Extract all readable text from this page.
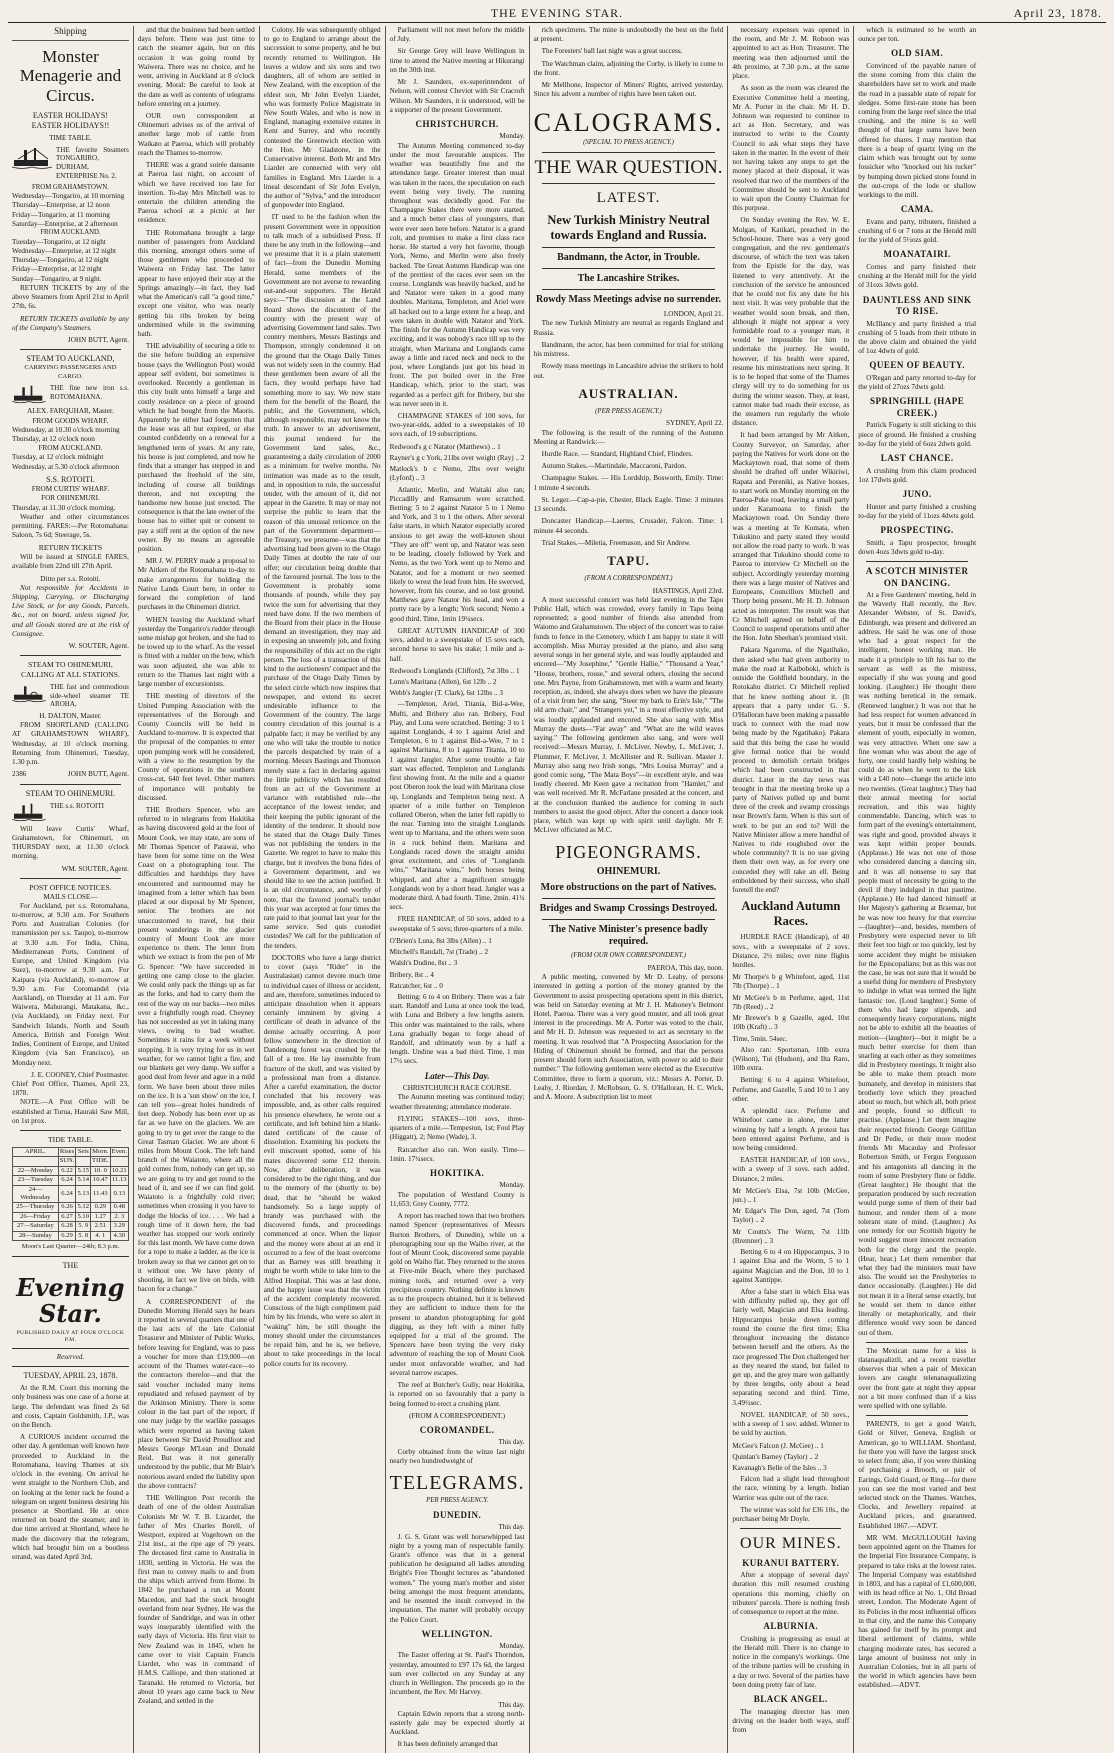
THE EVENING STAR.	April 23, 1878.
Shipping
Monster Menagerie and Circus.
EASTER HOLIDAYS!
EASTER HOLIDAYS!!
TIME TABLE.
THE favorite Steamers TONGARIRO, DURHAM, ENTERPRISE No. 2.
FROM GRAHAMSTOWN.
Wednesday—Tongariro, at 10 morning
Thursday—Enterprise, at 12 noon
Friday—Tongariro, at 11 morning
Saturday—Enterprise, at 2 afternoon
FROM AUCKLAND.
Tuesday—Tongariro, at 12 night
Wednesday—Enterprise, at 12 night
Thursday—Tongariro, at 12 night
Friday—Enterprise, at 12 night
Sunday—Tongariro, at 9 night.

RETURN TICKETS by any of the above Steamers from April 21st to April 27th, 6s.

RETURN TICKETS available by any of the Company's Steamers.

JOHN BUTT, Agent.
STEAM TO AUCKLAND,
CARRYING PASSENGERS AND CARGO.
THE fine new iron s.s. ROTOMAHANA.
ALEX. FARQUHAR, Master.
FROM GOODS WHARF.
Wednesday, at 10.30 o'clock morning
Thursday, at 12 o'clock noon
FROM AUCKLAND.
Tuesday, at 12 o'clock midnight
Wednesday, at 5.30 o'clock afternoon
S.S. ROTOITI.
FROM CURTIS' WHARF.
FOR OHINEMURI.
Thursday, at 11.30 o'clock morning.

Weather and other circumstances permitting. FARES:—Per Rotomahana: Saloon, 7s 6d; Steerage, 5s.

RETURN TICKETS

Will be issued at SINGLE FARES, available from 22nd till 27th April.

Ditto per s.s. Rotoiti.

Not responsible for Accidents in Shipping, Carrying, or Discharging Live Stock, or for any Goods, Parcels, &c., not on board, unless signed for, and all Goods stored are at the risk of Consignee.

W. SOUTER, Agent.
STEAM TO OHINEMURI, CALLING AT ALL STATIONS.
THE fast and commodious side-wheel steamer TE AROHA,
H. DALTON, Master.

FROM SHORTLAND (CALLING AT GRAHAMSTOWN WHARF), Wednesday, at 10 o'clock morning. Returning from Ohinemuri, Tuesday, 1.30 p.m.

2386	JOHN BUTT, Agent.
STEAM TO OHINEMURI.
THE s.s. ROTOITI

Will leave Curtis' Wharf, Grahamstown, for Ohinemuri, on THURSDAY next, at 11.30 o'clock morning.

WM. SOUTER, Agent.
POST OFFICE NOTICES.
MAILS CLOSE—

For Auckland, per s.s. Rotomahana, to-morrow, at 9.30 a.m. For Southern Ports and Australian Colonies (for transmission per s.s. Taupo), to-morrow at 9.30 a.m. For India, China, Mediterranean Ports, Continent of Europe, and United Kingdom (via Suez), to-morrow at 9.30 a.m. For Kaipara (via Auckland), to-morrow at 9.30 a.m. For Coromandel (via Auckland), on Thursday at 11 a.m. For Waiwera, Mahurangi, Matakana, &c., (via Auckland), on Friday next. For Sandwich Islands, North and South America, British and Foreign West Indies, Continent of Europe, and United Kingdom (via San Francisco), on Monday next.

J. E. COONEY, Chief Postmaster.
Chief Post Office, Thames, April 23, 1878.

NOTE.—A Post Office will be established at Turua, Hauraki Saw Mill, on 1st prox.

TIDE TABLE.
APRIL.	Rises	Sets	Morn.	Even.
	SUN.		TIDE.	
22—Monday	6.22	5.15	10. 0	10.21
23—Tuesday	6.24	5.14	10.47	11.13
24—Wednesday	6.24	5.13	11.43	0.13
25—Thursday	6.26	5.12	0.29	0.48
26—Friday	6.27	5.10	1.27	2. 3
27—Saturday	6.28	5. 9	2.51	3.29
28—Sunday	6.29	5. 8	4. 1	4.30
Moon's Last Quarter—24th; 8.3 p.m.
THE
Evening Star.
PUBLISHED DAILY AT FOUR O'CLOCK P.M.
Reserved.
TUESDAY, APRIL 23, 1878.

At the R.M. Court this morning the only business was one case of a horse at large. The defendant was fined 2s 6d and costs, Captain Goldsmith, J.P., was on the Bench.

A CURIOUS incident occurred the other day. A gentleman well known here proceeded to Auckland in the Rotomahana, leaving Thames at six o'clock in the evening. On arrival he went straight to the Northern Club, and on looking at the letter rack he found a telegram on urgent business desiring his presence at Shortland. He at once returned on board the steamer, and in due time arrived at Shortland, where he made the discovery that the telegram, which had brought him on a bootless errand, was dated April 3rd,

and that the business had been settled days before. There was just time to catch the steamer again, but on this occasion it was going round by Waiwera. There was no choice, and he went, arriving in Auckland at 8 o'clock evening. Moral: Be careful to look at the date as well as contents of telegrams before entering on a journey.

OUR own correspondent at Ohinemuri advises us of the arrival of another large mob of cattle from Waikato at Paeroa, which will probably reach the Thames to-morrow.

THERE was a grand soirée dansante at Paeroa last night, on account of which we have received too late for insertion. To-day Mrs Mitchell was to entertain the children attending the Paeroa school at a picnic at her residence.

THE Rotomahana brought a large number of passengers from Auckland this morning, amongst others some of those gentlemen who proceeded to Waiwera on Friday last. The latter appear to have enjoyed their stay at the Springs amazingly—in fact, they had what the American's call "a good time," except one visitor, who was nearly getting his ribs broken by being undermined while in the swimming bath.

THE advisability of securing a title to the site before building an expensive house (says the Wellington Post) would appear self evident, but sometimes is overlooked. Recently a gentleman in this city built unto himself a large and costly residence on a piece of ground which he had bought from the Maoris. Apparently he either had forgotten that the lease was all but expired, or else counted confidently on a renewal for a lengthened term of years. At any rate, his house is just completed, and now he finds that a stranger has stepped in and purchased the freehold of the site, including of course all buildings thereon, and not excepting the handsome new house just erected. The consequence is that the late owner of the house has to either quit or consent to pay a stiff rent at the option of the new owner. By no means an agreeable position.

MR J. W. PERRY made a proposal to Mr Aitken of the Rotomahana to-day to make arrangements for holding the Native Lands Court here, in order to forward the completion of land purchases in the Ohinemuri district.

WHEN leaving the Auckland wharf yesterday the Tongariro's rudder through some mishap got broken, and she had to be towed up to the wharf. As the vessel is fitted with a rudder on the bow, which was soon adjusted, she was able to return to the Thames last night with a large number of excursionists.

THE meeting of directors of the United Pumping Association with the representatives of the Borough and County Councils will be held in Auckland to-morrow. It is expected that the proposal of the companies to enter upon pumping work will be considered, with a view to the resumption by the County of operations in the southern cross-cut, 640 feet level. Other matters of importance will probably be discussed.

THE Brothers Spencer, who are referred to in telegrams from Hokitika as having discovered gold at the foot of Mount Cook, we may state, are sons of Mr Thomas Spencer of Parawai, who have been for some time on the West Coast on a photographing tour. The difficulties and hardships they have encountered and surmounted may be imagined from a letter which has been placed at our disposal by Mr Spencer, senior. The brothers are not unaccustomed to travel, but their present wanderings in the glacier country of Mount Cook are more experience to them. The letter from which we extract is from the pen of Mr G. Spencer: "We have succeeded in getting one camp close to the glacier. We could only pack the things up as far as the forks, and had to carry them the rest of the way on our backs—two miles over a frightfully rough road. Cheyney has not succeeded as yet in taking many views, owing to bad weather. Sometimes it rains for a week without stopping. It is very trying for us in wet weather, for we cannot light a fire, and our blankets get very damp. We suffer a good deal from fever and ague in a mild form. We have been about three miles on the ice. It is a 'sun show' on the ice, I can tell you—great holes hundreds of feet deep. Nobody has been ever up as far as we have on the glaciers. We are going to try to get over the range to the Great Tasman Glacier. We are about 6 miles from Mount Cook. The left hand branch of the Waiatoto, where all the gold comes from, nobody can get up, so we are going to try and get round to the head of it, and see if we can find gold. Waiatoto is a frightfully cold river; sometimes when crossing it you have to dodge the blocks of ice. . . . We had a rough time of it down here, the bad weather has stopped our work entirely for this last month. We have come down for a rope to make a ladder, as the ice is broken away so that we cannot get on to it without one. We have plenty of shooting, in fact we live on birds, with bacon for a change."

A CORRESPONDENT of the Dunedin Morning Herald says he hears it reported in several quarters that one of the last acts of the late Colonial Treasurer and Minister of Public Works, before leaving for England, was to pass a voucher for more than £19,000—on account of the Thames water-race—to the contractors therefor—and that the said voucher included many items repudiated and refused payment of by the Atkinson Ministry. There is some colour in the last part of the report, if one may judge by the warlike passages which were reported as having taken place between Sir David Proudfoot and Messrs George M'Lean and Donald Reid. But was it not generally understood by the public, that Mr Blair's notorious award ended the liability upon the above contracts?

THE Wellington Post records the death of one of the oldest Australian Colonists Mr W. T. B. Lizardet, the father of Mrs Charles Borell, of Westport, expired at Vogeltown on the 21st inst., at the ripe age of 79 years. The deceased first came to Australia in 1830, settling in Victoria. He was the first man to convey mails to and from the ships which arrived from Home. In 1842 he purchased a run at Mount Macedon, and had the stock brought overland from near Sydney. He was the founder of Sandridge, and was in other ways inseparably identified with the early days of Victoria. His first visit to New Zealand was in 1845, when he came over to visit Captain Francis Liardet, who was in command of H.M.S. Calliope, and then stationed at Taranaki. He returned to Victoria, but about 10 years ago came back to New Zealand, and settled in the

Colony. He was subsequently obliged to go to England to arrange about the succession to some property, and he but recently returned to Wellington. He leaves a widow and six sons and two daughters, all of whom are settled in New Zealand, with the exception of the eldest son, Mr John Evelyn Liardet, who was formerly Police Magistrate in New South Wales, and who is now in England, managing extensive estates in Kent and Surrey, and who recently contested the Greenwich election with the Hon. Mr Gladstone, in the Conservative interest. Both Mr and Mrs Liardet are connected with very old families in England. Mrs Liardet is a lineal descendant of Sir John Evelyn, the author of "Sylva," and the introducer of gunpowder into England.

IT used to be the fashion when the present Government were in opposition to talk much of a subsidised Press. If there be any truth in the following—and we presume that it is a plain statement of fact—from the Dunedin Morning Herald, some members of the Government are not averse to rewarding out-and-out supporters. The Herald says:—"The discussion at the Land Board shows the discontent of the country with the present way of advertising Government land sales. Two country members, Messrs Bastings and Thompson, strongly condemned it on the ground that the Otago Daily Times was not widely seen in the country. Had these gentlemen been aware of all the facts, they would perhaps have had something more to say. We now state them for the benefit of the Board, the public, and the Government, which, although responsible, may not know the truth. In answer to an advertisement, this journal tendered for the Government land sales, &c., guaranteeing a daily circulation of 2000 as a minimum for twelve months. No intimation was made as to the result, and, in opposition to rule, the successful tender, with the amount of it, did not appear in the Gazette. It may or may not surprise the public to learn that the reason of this unusual reticence on the part of the Government department—the Treasury, we presume—was that the advertising had been given to the Otago Daily Times at double the rate of our offer; our circulation being double that of the favoured journal. The loss to the Government is probably some thousands of pounds, while they pay twice the sum for advertising that they need have done. If the two members of the Board from their place in the House demand an investigation, they may aid in exposing an unseemly job, and fixing the responsibility of this act on the right person. The loss of a transaction of this kind to the auctioneers' compact and the purchase of the Otago Daily Times by the select circle which now inspires that newspaper, and extend its secret undesirable influence to the Government of the country. The large country circulation of this journal is a palpable fact; it may be verified by any one who will take the trouble to notice the parcels despatched by train of a morning. Messrs Bastings and Thomson merely state a fact in declaring against the little publicity which has resulted from an act of the Government at variance with established rule—the acceptance of the lowest tender, and their keeping the public ignorant of the identity of the tenderer. It should now be stated that the Otago Daily Times was not publishing the tenders in the Gazette. We regret to have to make this charge, but it involves the bona fides of a Government department, and we should like to see the action justified. It is an old circumstance, and worthy of note, that the favored journal's tender this year was accepted at four times the rate paid to that journal last year for the same service. Sed quis custodiet custodes? We call for the publication of the tenders.

DOCTORS who have a large district to cover (says "Rider" in the Australasian) cannot devote much time to individual cases of illness or accident, and are, therefore, sometimes induced to anticipate dissolution when it appears certainly imminent by giving a certificate of death in advance of the demise actually occurring. A poor fellow somewhere in the direction of Dandenong forest was crushed by the fall of a tree. He lay insensible from fracture of the skull, and was visited by a professional man from a distance. After a careful examination, the doctor concluded that his recovery was impossible, and, as other calls required his presence elsewhere, he wrote out a certificate, and left behind him a blank-dated certificate of the cause of dissolution. Examining his pockets the evil miscreant spotted, some of his mates discovered some £12 therein. Now, after deliberation, it was considered to be the right thing, and due to the memory of the (shortly to be) dead, that he "should be waked handsomely. So a large supply of brandy was purchased with the discovered funds, and proceedings commenced at once. When the liquor and the money were about at an end it occurred to a few of the least overcome that as Barney was still breathing it might be worth while to take him to the Alfred Hospital. This was at last done, and the happy issue was that the victim of the accident completely recovered. Conscious of the high compliment paid him by his friends, who were so alert in "waking" him, he still thought the money should under the circumstances be repaid him, and he is, we believe, about to take proceedings in the local police courts for its recovery.

Parliament will not meet before the middle of July.

Sir George Grey will leave Wellington in time to attend the Native meeting at Hikurangi on the 30th inst.

Mr J. Saunders, ex-superintendent of Nelson, will contest Cheviot with Sir Cracroft Wilson. Mr Saunders, it is understood, will be a supporter of the present Government.

CHRISTCHURCH.
Monday.

The Autumn Meeting commenced to-day under the most favourable auspices. The weather was beautifully fine and the attendance large. Greater interest than usual was taken in the races, the speculation on each event being very lively. The running throughout was decidedly good. For the Champagne Stakes there were more started, and a much better class of youngsters, than were ever seen here before. Natator is a grand colt, and promises to make a first class race horse. He started a very hot favorite, though York, Nemo, and Merlin were also freely backed. The Great Autumn Handicap was one of the prettiest of the races ever seen on the course. Longlands was heavily backed, and he and Natator were taken in a good many doubles. Maritana, Templeton, and Ariel were all backed out to a large extent for a heap, and were taken in double with Natator and York. The finish for the Autumn Handicap was very exciting, and it was nobody's race till up to the straight, when Maritana and Longlands came away a little and raced neck and neck to the post, where Longlands just got his head in front. The pot boiled over in the Free Handicap, which, prior to the start, was regarded as a perfect gift for Bribery, but she was never seen in it.

CHAMPAGNE STAKES of 100 sovs, for two-year-olds, added to a sweepstakes of 10 sovs each, of 19 subscriptions.

Redwood's g c Natator (Matthews) .. 1
Rayner's g c York, 21lbs over weight (Ray) .. 2
Matlock's b c Nemo, 2lbs over weight (Lyford) .. 3

Atlantic, Merlin, and Waitaki also ran; Piccadilly and Ramsarum were scratched. Betting: 5 to 2 against Natator 5 to 1 Nemo and York, and 3 to 1 the others. After several false starts, in which Natator especially scored anxious to get away the well-known shout "They are off" went up, and Natator was seen to be leading, closely followed by York and Nemo, as the two York went up to Nemo and Natator, and for a moment or two seemed likely to wrest the lead from him. He swerved, however, from his course, and so lost ground. Matthews gave Natator his head, and won a pretty race by a length; York second; Nemo a good third. Time, 1min 19¼secs.

GREAT AUTUMN HANDICAP of 300 sovs, added to a sweepstake of 15 sovs each, second horse to save his stake; 1 mile and a-half.

Redwood's Longlands (Clifford), 7st 3lbs .. 1
Lunn's Maritana (Allen), 6st 12lb .. 2
Webb's Jangler (T. Clark), 6st 12lbs .. 3

—Templeton, Ariel, Titania, Bid-a-Wee, Mufti, and Bribery also ran. Bribery, Foul Play, and Luna were scratched. Betting: 3 to 1 against Longlands, 4 to 1 against Ariel and Templeton, 6 to 1 against Bid-a-Wee, 7 to 1 against Maritana, 8 to 1 against Titania, 10 to 1 against Jangler. After some trouble a fair start was effected, Templeton and Longlands first showing front. At the mile and a quarter post Oberon took the lead with Maritana close up, Longlands and Templeton being next. A quarter of a mile further on Templeton collared Oberon, when the latter fell rapidly to the rear. Turning into the straight Longlands went up to Maritana, and the others were soon in a ruck behind them. Maritana and Longlands raced down the straight amidst great excitement, and cries of "Longlands wins," "Maritana wins," both horses being whipped, and after a magnificent struggle Longlands won by a short head. Jangler was a moderate third. A bad fourth. Time, 2min. 41¼ secs.

FREE HANDICAP, of 50 sovs, added to a sweepstake of 5 sovs; three-quarters of a mile.

O'Brien's Luna, 8st 3lbs (Allen) .. 1
Mitchell's Randall, 7st (Trade) .. 2
Walsh's Dudine, 8st .. 3
Bribery, 8st .. 4
Ratcatcher, 6st .. 0

Betting: 6 to 4 on Bribery. There was a fair start. Randolf and Luna at once took the lead, with Luna and Bribery a few lengths astern. This order was maintained to the rails, where Luna gradually began to forge ahead of Randolf, and ultimately won by a half a length. Undine was a bad third. Time, 1 min 17½ secs.

Later—This Day.
CHRISTCHURCH RACE COURSE.

The Autumn meeting was continued today; weather threatening; attendance moderate.

FLYING STAKES—100 sovs, three-quarters of a mile.—Tempeston, 1st; Foul Play (Higgatt), 2; Nemo (Wade), 3.

Ratcatcher also ran. Won easily. Time—1min. 17¼secs.

HOKITIKA.
Monday.

The population of Westland County is 11,653; Grey County, 7772.

A report has reached town that two brothers named Spencer (representatives of Messrs Burton Brothers, of Dunedin), while on a photographing tour up the Waiho river, at the foot of Mount Cook, discovered some payable gold on Waiho flat. They returned to the stores at Five-mile Beach, where they purchased mining tools, and returned over a very precipitous country. Nothing definite is known as to the prospects obtained, but it is believed they are sufficient to induce them for the present to abandon photographing for gold digging, as they left with a miner fully equipped for a trial of the ground. The Spencers have been trying the very risky adventure of reaching the top of Mount Cook under most unfavorable weather, and had several narrow escapes.

The reef at Butcher's Gully, near Hokitika, is reported on so favourably that a party is being formed to erect a crushing plant.

(FROM A CORRESPONDENT.)
COROMANDEL.
This day.

Corby obtained from the winze last night nearly two hundredweight of

TELEGRAMS.
PER PRESS AGENCY.
DUNEDIN.
This day.

J. G. S. Grant was well horsewhipped last night by a young man of respectable family. Grant's offence was that in a general publication he designated all ladies attending Bright's Free Thought lectures as "abandoned women." The young man's mother and sister being amongst the most frequent attendants, and he resented the insult conveyed in the imputation. The matter will probably occupy the Police Court.

WELLINGTON.
Monday.

The Easter offering at St. Paul's Thorndon, yesterday, amounted to £97 17s 6d, the largest sum ever collected on any Sunday at any church in Wellington. The proceeds go to the incumbent, the Rev. Mr Harvey.

This day.

Captain Edwin reports that a strong north-easterly gale may be expected shortly at Auckland.

It has been definitely arranged that

rich specimens. The mine is undoubtedly the best on the field at present.

The Foresters' ball last night was a great success.

The Watchman claim, adjoining the Corby, is likely to come to the front.

Mr Mellhone, Inspector of Miners' Rights, arrived yesterday. Since his advent a number of rights have been taken out.

CALOGRAMS.
(SPECIAL TO PRESS AGENCY.)
THE WAR QUESTION.
LATEST.
New Turkish Ministry Neutral towards England and Russia.
Bandmann, the Actor, in Trouble.
The Lancashire Strikes.
Rowdy Mass Meetings advise no surrender.
LONDON, April 21.

The new Turkish Ministry are neutral as regards England and Russia.

Bandmann, the actor, has been committed for trial for striking his mistress.

Rowdy mass meetings in Lancashire advise the strikers to hold out.

AUSTRALIAN.
(PER PRESS AGENCY.)
SYDNEY, April 22.

The following is the result of the running of the Autumn Meeting at Randwick:—

Hurdle Race. — Standard, Highland Chief, Flinders.

Autumn Stakes.—Martindale, Maccaroni, Pardon.

Champagne Stakes. — His Lordship, Bosworth, Emily. Time: 1 minute 4 seconds.

St. Leger.—Cap-a-pie, Chester, Black Eagle. Time: 3 minutes 13 seconds.

Doncaster Handicap.—Laertes, Crusader, Falcon. Time: 1 minute 44 seconds.

Trial Stakes.—Miletia, Freemason, and Sir Andrew.

TAPU.
(FROM A CORRESPONDENT.)
HASTINGS, April 23rd.

A most successful concert was held last evening in the Tapu Public Hall, which was crowded, every family in Tapu being represented; a good number of friends also attended from Waiomo and Grahamstown. The object of the concert was to raise funds to fence in the Cemetery, which I am happy to state it will accomplish. Miss Murray presided at the piano, and also sang several songs in her general style, and was loudly applauded and encored—"My Josephine," "Gentle Hallie," "Thousand a Year," "House, brothers, rouse," and several others, closing the second one. Mrs Payne, from Grahamstown, met with a warm and hearty reception, as, indeed, she always does when we have the pleasure of a visit from her; she sang, "Steer my bark to Erin's Isle," "The old arm chair," and "Strangers yet," in a most effective style, and was loudly applauded and encored. She also sang with Miss Murray the duets—"Far away" and "What are the wild waves saying." The following gentlemen also sang, and were well received:—Messrs Murray, J. McLiver, Newby, L. McLiver, J. Plummer, F. McLiver, J. McAllister and R. Sullivan. Master J. Murray also sang two Irish songs, "Mrs Louisa Murray" and a good comic song, "The Mata Boys"—in excellent style, and was loudly cheered. Mr Keen gave a recitation from "Hamlet," and was well received. Mr R. McFarlane presided at the concert, and at the conclusion thanked the audience for coming in such numbers to assist the good object. After the concert a dance took place, which was kept up with spirit until daylight. Mr F. McLiver officiated as M.C.

PIGEONGRAMS.
OHINEMURI.
More obstructions on the part of Natives.
Bridges and Swamp Crossings Destroyed.
The Native Minister's presence badly required.
(FROM OUR OWN CORRESPONDENT.)
PAEROA, This day, noon.

A public meeting, convened by Mr D. Leahy, of persons interested in getting a portion of the money granted by the Government to assist prospecting operations spent in this district, was held on Saturday evening at Mr J. H. Mahoney's Belmont Hotel, Paeroa. There was a very good muster, and all took great interest in the proceedings. Mr A. Porter was voted to the chair, and Mr H. D. Johnson was requested to act as secretary to the meeting. It was resolved that "A Prospecting Association for the Hiding of Ohinemuri should be formed, and that the persons present should form such Association, with power to add to their number." The following gentlemen were elected as the Executive Committee, three to form a quorum, viz.: Messrs A. Porter, D. Leahy, J. Riordan, J. McRobson, G. S. O'Halloran, H. C. Wick, and A. Moore. A subscription list to meet

necessary expenses was opened in the room, and Mr J. M. Robson was appointed to act as Hon. Treasurer. The meeting was then adjourned until the 4th proximo, at 7.30 p.m., at the same place.

As soon as the room was cleared the Executive Committee held a meeting, Mr A. Porter in the chair. Mr H. D. Johnson was requested to continue to act as Hon. Secretary, and was instructed to write to the County Council to ask what steps they have taken in the matter. In the event of their not having taken any steps to get the money placed at their disposal, it was resolved that two of the members of the Committee should be sent to Auckland to wait upon the County Chairman for this purpose.

On Sunday evening the Rev. W. E. Mulgan, of Katikati, preached in the School-house. There was a very good congregation, and the rev. gentleman's discourse, of which the text was taken from the Epistle for the day, was listened to very attentively. At the conclusion of the service he announced that he could not fix any date for his next visit. It was very probable that the weather would soon break, and then, although it might not appear a very formidable road to a younger man, it would be impossible for him to undertake the journey. He would, however, if his health were spared, resume his ministrations next spring. It is to be hoped that some of the Thames clergy will try to do something for us during the winter season. They, at least, cannot make bad roads their excuse, as the steamers run regularly the whole distance.

It had been arranged by Mr Aitken, County Surveyor, on Saturday, after paying the Natives for work done on the Mackaytown road, that some of them should be drafted off under Wikiriwi, Rapata and Pereniki, as Native bosses, to start work on Monday morning on the Paeroa-Puke road, leaving a small party under Karamoana to finish the Mackaytown road. On Sunday there was a meeting at Te Komata, when Tukukino and party stated they would not allow the road party to work. It was arranged that Tukukino should come to Paeroa to interview Cr Mitchell on the subject. Accordingly yesterday morning there was a large muster of Natives and Europeans, Councillors Mitchell and Thorp being present. Mr H. D. Johnson acted as interpreter. The result was that Cr Mitchell agreed on behalf of the Council to suspend operations until after the Hon. John Sheehan's promised visit.

Pakara Ngaroma, of the Ngatihako, then asked who had given authority to make the road at Kaiboboki, which is outside the Goldfield boundary, in the Rotokahu district. Cr Mitchell replied that he knew nothing about it. (It appears that a party under G. S. O'Halloran have been making a passable track to connect with the road now being made by the Ngatihako). Pakara said that this being the case he would give formal notice that he would proceed to demolish certain bridges which had been constructed in that district. Later in the day news was brought in that the meeting broke up a party of Natives pulled up and burnt three of the creek and swamp crossings near Brown's farm. When is this sort of work to be put an end to? Will the Native Minister allow a mere handful of Natives to ride roughshod over the whole community? It is no use giving them their own way, as for every one conceded they will take an ell. Being emboldened by their success, who shall foretell the end?

Auckland Autumn Races.

HURDLE RACE (Handicap), of 40 sovs., with a sweepstake of 2 sovs. Distance, 2½ miles; over nine flights hurdles.

Mr Thorpe's b g Whitefoot, aged, 11st 7lb (Thorpe) .. 1
Mr McGee's b m Perfume, aged, 11st 7lb (Reed) .. 2
Mr Brewer's b g Gazelle, aged, 10st 10lb (Kraft) .. 3
Time, 5min. 54sec.

Also ran: Sportsman, 10lb extra (Wilson), Tui (Hudson), and Ilta Raro, 10lb extra.

Betting: 6 to 4 against Whitefoot, Perfume, and Gazelle, 5 and 10 to 1 any other.

A splendid race. Perfume and Whitefoot came in alone, the latter winning by half a length. A protest has been entered against Perfume, and is now being considered.

EASTER HANDICAP, of 100 sovs., with a sweep of 3 sovs. each added. Distance, 2 miles.

Mr McGee's Elsa, 7st 10lb (McGee, jun.) .. 1
Mr Edgar's The Don, aged, 7st (Tom Taylor) .. 2
Mr Coutts's The Worm, 7st 11lb (Bremner) .. 3

Betting 6 to 4 on Hippocampus, 3 to 1 against Elsa and the Worm, 5 to 1 against Magician and the Don, 10 to 1 against Xantippe.

After a false start in which Elsa was with difficulty pulled up, they got off fairly well, Magician and Elsa leading. Hippocampus broke down coming round the course the first time; Elsa throughout increasing the distance between herself and the others. As the race progressed The Don challenged her as they neared the stand, but failed to get up, and the grey mare won gallantly by three lengths, only about a head separating second and third. Time, 3.49½sec.

NOVEL HANDICAP, of 50 sovs., with a sweep of 1 sov. added. Winner to be sold by auction.

McGee's Falcon (J. McGee) .. 1
Quinlan's Barney (Taylor) .. 2
Kavanagh's Belle of the Isles .. 3

Falcon had a slight lead throughout the race, winning by a length. Indian Warrior was quite out of the race.

The winner was sold for £36 10s., the purchaser being Mr Doyle.

OUR MINES.
KURANUI BATTERY.

After a stoppage of several days' duration this mill resumed crushing operations this morning, chiefly on tributers' parcels. There is nothing fresh of consequence to report at the mine.

ALBURNIA.

Crushing is progressing as usual at the Herald mill. There is no change to notice in the company's workings. One of the tribute parties will be crushing in a day or two. Several of the parties have been doing pretty fair of late.

BLACK ANGEL.

The managing director has men driving on the leader both ways, stuff from

which is estimated to be worth an ounce per ton.

OLD SIAM.

Convinced of the payable nature of the stone coming from this claim the shareholders have set to work and made the road in a passable state of repair for sledges. Some first-rate stone has been coming from the large reef since the trial crushing, and the mine is so well thought of that large sums have been offered for shares. I may mention that there is a heap of quartz lying on the claim which was brought out by some fossicker who "knocked out his tucker" by bumping down picked stone found in the out-crops of the lode or shallow workings to the mill.

CAMA.

Evans and party, tributers, finished a crushing of 6 or 7 tons at the Herald mill for the yield of 5½ozs gold.

MOANATAIRI.

Cornes and party finished their crushing at the Herald mill for the yield of 31ozs 3dwts gold.

DAUNTLESS AND SINK TO RISE.

McIllancy and party finished a trial crushing of 5 loads from their tribute in the above claim and obtained the yield of 1oz 4dwts of gold.

QUEEN OF BEAUTY.

O'Regan and party retorted to-day for the yield of 27ozs 7dwts gold.

SPRINGHILL (HAPE CREEK.)

Patrick Fogarty is still sticking to this piece of ground. He finished a crushing to-day for the yield of 6ozs 2dwts gold.

LAST CHANCE.

A crushing from this claim produced 1oz 17dwts gold.

JUNO.

Hunter and party finished a crushing to-day for the yield of 11ozs 4dwts gold.

PROSPECTING.

Smith, a Tapu prospector, brought down 4ozs 3dwts gold to-day.

A SCOTCH MINISTER ON DANCING.

At a Free Gardeners' meeting, held in the Waverly Hall recently, the Rev. Alexander Webster, of St. David's, Edinburgh, was present and delivered an address. He said he was one of those who had a great respect for the intelligent, honest working man. He made it a principle to lift his hat to the servant as well as the mistress, especially if she was young and good looking. (Laughter.) He thought there was nothing heretical in the remark. (Renewed laughter.) It was not that he had less respect for women advanced in years, but it must be confessed that the element of youth, especially in women, was very attractive. When one saw a fine woman who was about the age of forty, one could hardly help wishing he could do as when he went to the kirk with a £40 note—change the article into two twenties. (Great laughter.) They had their annual meeting for social recreation, and this was highly commendable. Dancing, which was to form part of the evening's entertainment, was right and good, provided always it was kept within proper bounds. (Applause.) He was not one of those who considered dancing a dancing sin, and it was all nonsense to say that people must of necessity be going to the devil if they indulged in that pastime. (Applause.) He had danced himself at Her Majesty's gathering at Braemar, but he was now too heavy for that exercise—(laughter)—and, besides, members of Presbytery were expected never to lift their feet too high or too quickly, lest by some accident they might be mistaken for the Episcopalians; but as this was not the case, he was not sure that it would be a useful thing for members of Presbytery to indulge in what was termed the light fantastic toe. (Loud laughter.) Some of them who had large stipends, and consequently heavy corporations, might not be able to exhibit all the beauties of motion—(laughter)—but it might be a much better exercise for them than snarling at each other as they sometimes did in Presbytery meetings. It might also be able to make them preach more humanely, and develop in ministers that brotherly love which they preached about so much, but which all, both priest and people, found so difficult to practise. (Applause.) Let them imagine their respected friends George Gilfillan and Dr Pedie, or their more modest friends Mr Macaulay and Professor Robertson Smith, or Fergus Fergusson and his antagonists all dancing in the room of some Presbytery flute or fiddle. (Great laughter.) He thought that the preparation produced by such recreation would purge some of them of their bad humour, and render them of a more tolerant state of mind. (Laughter.) As one remedy for our Scottish bigotry he would suggest more innocent recreation both for the clergy and the people. (Hear, hear.) Let them remember that what they had the ministers must have also. The would set the Presbyteries to dance occasionally. (Laughter.) He did not mean it in a literal sense exactly, but he would set them to dance either literally or metaphorically, and their difference would very soon be danced out of them.

The Mexican name for a kiss is tlatanaqualiztli, and a recent traveller observes that when a pair of Mexican lovers are caught telenanaqualizting over the front gate at night they appear not a bit more confused than if a kiss were spelled with one syllable.

PARENTS, to get a good Watch, Gold or Silver, Geneva, English or American, go to WILLIAM. Shortland, for there you will have the largest stock to select from; also, if you were thinking of purchasing a Brooch, or pair of Earings, Gold Guard, or Ring—for there you can see the most varied and best selected stock on the Thames. Watches, Clocks, and Jewellery repaired at Auckland prices, and guaranteed. Established 1867.—ADVT.

MR WM. McGULLOUGH having been appointed agent on the Thames for the Imperial Fire Insurance Company, is prepared to take risks at the lowest rates. The Imperial Company was established in 1803, and has a capital of £1,600,000, with its head office at No. 1, Old Broad street, London. The Moderate Agent of its Policies in the most influential offices in that city, and the name this Company has gained for itself by its prompt and liberal settlement of claims, while charging moderate rates, has secured a large amount of business not only in Australian Colonies, but in all parts of the world in which agencies have been established.—ADVT.
